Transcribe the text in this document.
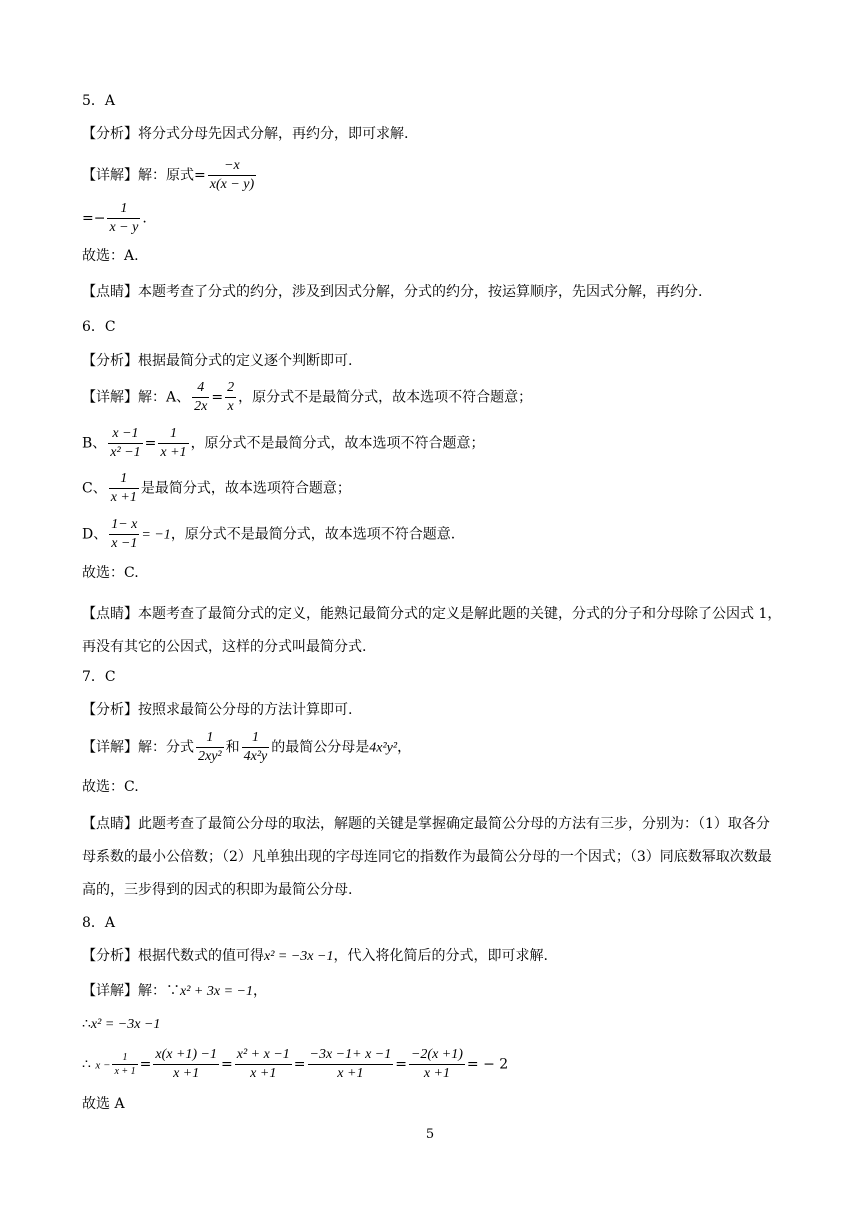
5．A
【分析】将分式分母先因式分解，再约分，即可求解.
【详解】解：原式= $\frac{-x}{x(x - y)}$
=− $\frac{1}{x - y}$ .
故选：A.
【点睛】本题考查了分式的约分，涉及到因式分解，分式的约分，按运算顺序，先因式分解，再约分.
6．C
【分析】根据最简分式的定义逐个判断即可.
【详解】解：A、 $\frac{4}{2x} = \frac{2}{x}$ ，原分式不是最简分式，故本选项不符合题意；
B、 $\frac{x -1}{\text{x² −1}} = \frac{1}{x +1}$ ，原分式不是最简分式，故本选项不符合题意；
C、 $\frac{1}{x +1}$ 是最简分式，故本选项符合题意；
D、 $\frac{1- x}{x -1} = -1$，原分式不是最简分式，故本选项不符合题意.
故选：C.
【点睛】本题考查了最简分式的定义，能熟记最简分式的定义是解此题的关键，分式的分子和分母除了公因式 1，再没有其它的公因式，这样的分式叫最简分式.
7．C
【分析】按照求最简公分母的方法计算即可.
【详解】解：分式 $\frac{1}{\text{2xy²}}$ 和 $\frac{1}{\text{4x²y}}$ 的最简公分母是4x²y²，
故选：C.
【点睛】此题考查了最简公分母的取法，解题的关键是掌握确定最简公分母的方法有三步，分别为：（1）取各分母系数的最小公倍数；（2）凡单独出现的字母连同它的指数作为最简公分母的一个因式；（3）同底数幂取次数最高的，三步得到的因式的积即为最简公分母.
8．A
【分析】根据代数式的值可得x² = −3x −1，代入将化简后的分式，即可求解.
【详解】解：∵x² + 3x = −1，
∴x² = −3x −1
∴ $x - \frac{1}{x + 1} = \frac{x(x +1) -1}{x +1} = \frac{\text{x² + x −1}}{x +1} = \frac{-3x -1+ x -1}{x +1} = \frac{-2(x +1)}{x +1}$ = − 2
故选 A
5
